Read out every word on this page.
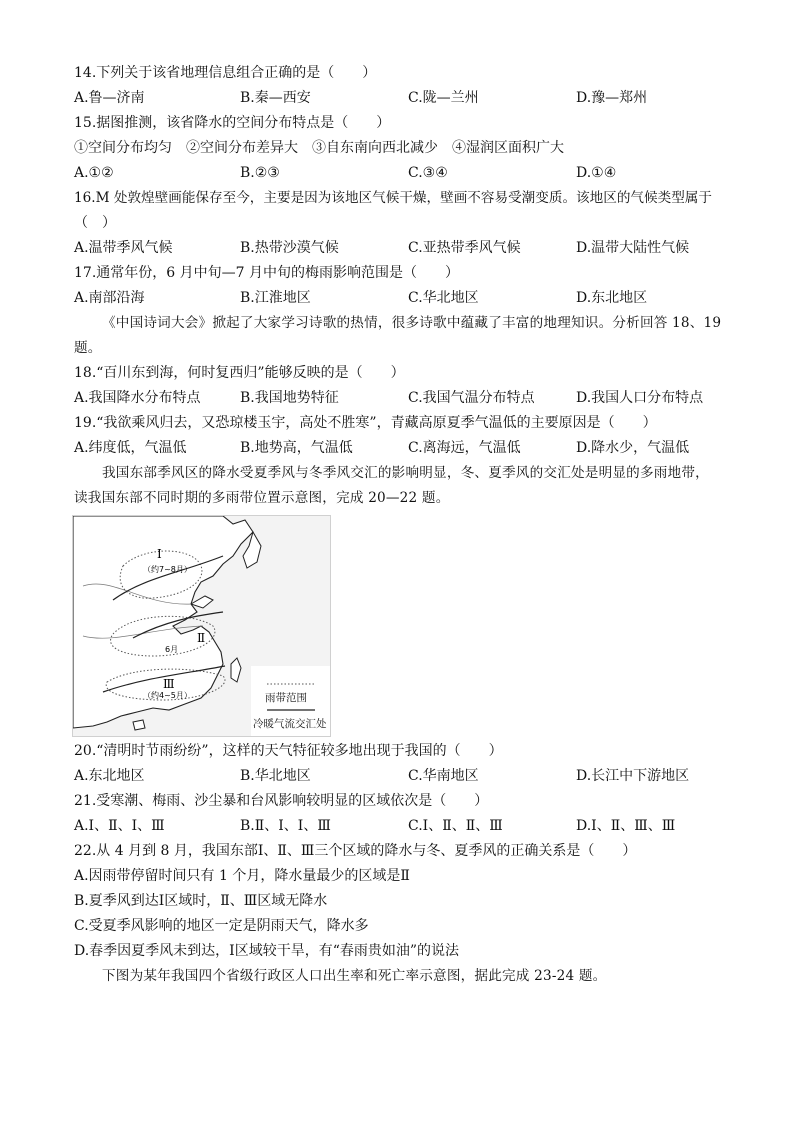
14.下列关于该省地理信息组合正确的是（　　）
A.鲁—济南	B.秦—西安	C.陇—兰州	D.豫—郑州
15.据图推测，该省降水的空间分布特点是（　　）
①空间分布均匀　②空间分布差异大　③自东南向西北减少　④湿润区面积广大
A.①②	B.②③	C.③④	D.①④
16.M 处敦煌壁画能保存至今，主要是因为该地区气候干燥，壁画不容易受潮变质。该地区的气候类型属于
（　）
A.温带季风气候	B.热带沙漠气候	C.亚热带季风气候	D.温带大陆性气候
17.通常年份，6 月中旬—7 月中旬的梅雨影响范围是（　　）
A.南部沿海	B.江淮地区	C.华北地区	D.东北地区
《中国诗词大会》掀起了大家学习诗歌的热情，很多诗歌中蕴藏了丰富的地理知识。分析回答 18、19
题。
18.“百川东到海，何时复西归”能够反映的是（　　）
A.我国降水分布特点	B.我国地势特征	C.我国气温分布特点	D.我国人口分布特点
19.“我欲乘风归去，又恐琼楼玉宇，高处不胜寒”，青藏高原夏季气温低的主要原因是（　　）
A.纬度低，气温低	B.地势高，气温低	C.离海远，气温低	D.降水少，气温低
我国东部季风区的降水受夏季风与冬季风交汇的影响明显，冬、夏季风的交汇处是明显的多雨地带，
读我国东部不同时期的多雨带位置示意图，完成 20—22 题。
Ⅰ
（约7~8月）
Ⅱ
6月
Ⅲ
（约4~5月）	雨带范围
冷暖气流交汇处
20.“清明时节雨纷纷”，这样的天气特征较多地出现于我国的（　　）
A.东北地区	B.华北地区	C.华南地区	D.长江中下游地区
21.受寒潮、梅雨、沙尘暴和台风影响较明显的区域依次是（　　）
A.Ⅰ、Ⅱ、Ⅰ、Ⅲ	B.Ⅱ、Ⅰ、Ⅰ、Ⅲ	C.Ⅰ、Ⅱ、Ⅱ、Ⅲ	D.Ⅰ、Ⅱ、Ⅲ、Ⅲ
22.从 4 月到 8 月，我国东部Ⅰ、Ⅱ、Ⅲ三个区域的降水与冬、夏季风的正确关系是（　　）
A.因雨带停留时间只有 1 个月，降水量最少的区域是Ⅱ
B.夏季风到达Ⅰ区域时，Ⅱ、Ⅲ区域无降水
C.受夏季风影响的地区一定是阴雨天气，降水多
D.春季因夏季风未到达，Ⅰ区域较干旱，有“春雨贵如油”的说法
下图为某年我国四个省级行政区人口出生率和死亡率示意图，据此完成 23-24 题。
